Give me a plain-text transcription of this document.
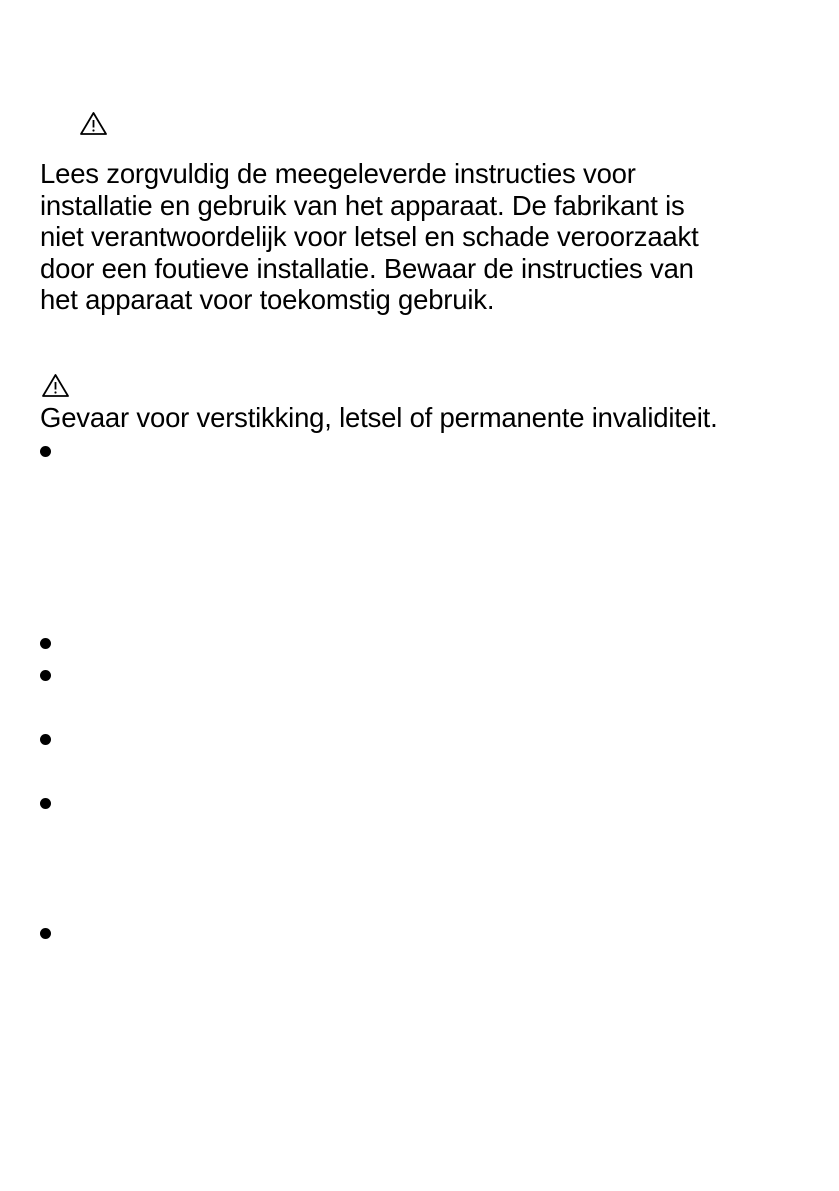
Lees zorgvuldig de meegeleverde instructies voor
installatie en gebruik van het apparaat. De fabrikant is
niet verantwoordelijk voor letsel en schade veroorzaakt
door een foutieve installatie. Bewaar de instructies van
het apparaat voor toekomstig gebruik.
Gevaar voor verstikking, letsel of permanente invaliditeit.
